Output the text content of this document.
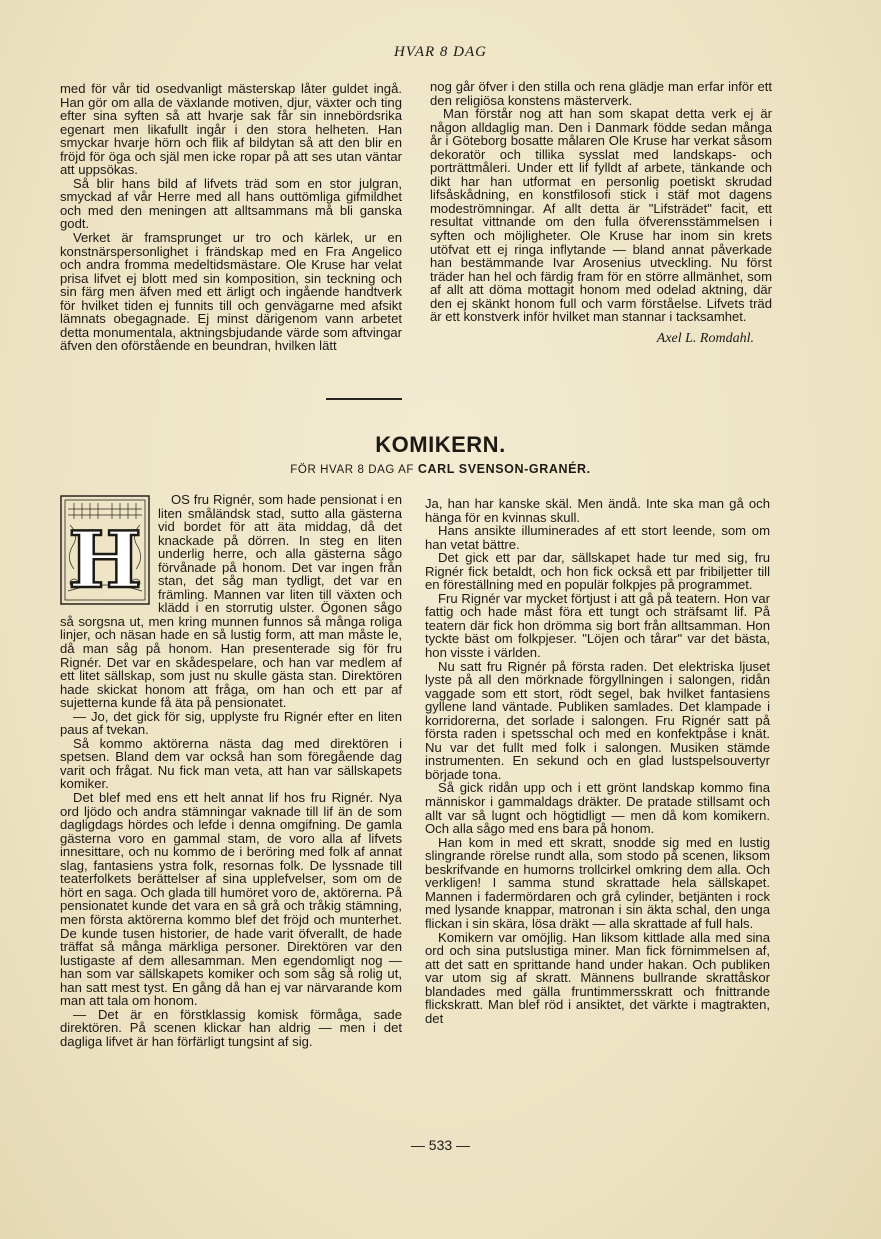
HVAR 8 DAG

med för vår tid osedvanligt mästerskap låter guldet ingå. Han gör om alla de växlande motiven, djur, växter och ting efter sina syften så att hvarje sak får sin innebördsrika egenart men likafullt ingår i den stora helheten. Han smyckar hvarje hörn och flik af bildytan så att den blir en fröjd för öga och själ men icke ropar på att ses utan väntar att uppsökas.

Så blir hans bild af lifvets träd som en stor julgran, smyckad af vår Herre med all hans outtömliga gifmildhet och med den meningen att alltsammans må bli ganska godt.

Verket är framsprunget ur tro och kärlek, ur en konstnärspersonlighet i frändskap med en Fra Angelico och andra fromma medeltidsmästare. Ole Kruse har velat prisa lifvet ej blott med sin komposition, sin teckning och sin färg men äfven med ett ärligt och ingående handtverk för hvilket tiden ej funnits till och genvägarne med afsikt lämnats obegagnade. Ej minst därigenom vann arbetet detta monumentala, aktningsbjudande värde som aftvingar äfven den oförstående en beundran, hvilken lätt

nog går öfver i den stilla och rena glädje man erfar inför ett den religiösa konstens mästerverk.

Man förstår nog att han som skapat detta verk ej är någon alldaglig man. Den i Danmark födde sedan många år i Göteborg bosatte målaren Ole Kruse har verkat såsom dekoratör och tillika sysslat med landskaps- och porträttmåleri. Under ett lif fylldt af arbete, tänkande och dikt har han utformat en personlig poetiskt skrudad lifsåskådning, en konstfilosofi stick i stäf mot dagens modeströmningar. Af allt detta är "Lifsträdet" facit, ett resultat vittnande om den fulla öfverensstämmelsen i syften och möjligheter. Ole Kruse har inom sin krets utöfvat ett ej ringa inflytande — bland annat påverkade han bestämmande Ivar Arosenius utveckling. Nu först träder han hel och färdig fram för en större allmänhet, som af allt att döma mottagit honom med odelad aktning, där den ej skänkt honom full och varm förståelse. Lifvets träd är ett konstverk inför hvilket man stannar i tacksamhet.

Axel L. Romdahl.
KOMIKERN.
FÖR HVAR 8 DAG AF CARL SVENSON-GRANÉR.

H
OS fru Rignér, som hade pensionat i en liten småländsk stad, sutto alla gästerna vid bordet för att äta middag, då det knackade på dörren. In steg en liten underlig herre, och alla gästerna sågo förvånade på honom. Det var ingen från stan, det såg man tydligt, det var en främling. Mannen var liten till växten och klädd i en storrutig ulster. Ögonen sågo så sorgsna ut, men kring munnen funnos så många roliga linjer, och näsan hade en så lustig form, att man måste le, då man såg på honom. Han presenterade sig för fru Rignér. Det var en skådespelare, och han var medlem af ett litet sällskap, som just nu skulle gästa stan. Direktören hade skickat honom att fråga, om han och ett par af sujetterna kunde få äta på pensionatet.

— Jo, det gick för sig, upplyste fru Rignér efter en liten paus af tvekan.

Så kommo aktörerna nästa dag med direktören i spetsen. Bland dem var också han som föregående dag varit och frågat. Nu fick man veta, att han var sällskapets komiker.

Det blef med ens ett helt annat lif hos fru Rignér. Nya ord ljödo och andra stämningar vaknade till lif än de som dagligdags hördes och lefde i denna omgifning. De gamla gästerna voro en gammal stam, de voro alla af lifvets innesittare, och nu kommo de i beröring med folk af annat slag, fantasiens ystra folk, resornas folk. De lyssnade till teaterfolkets berättelser af sina upplefvelser, som om de hört en saga. Och glada till humöret voro de, aktörerna. På pensionatet kunde det vara en så grå och tråkig stämning, men första aktörerna kommo blef det fröjd och munterhet. De kunde tusen historier, de hade varit öfverallt, de hade träffat så många märkliga personer. Direktören var den lustigaste af dem allesamman. Men egendomligt nog — han som var sällskapets komiker och som såg så rolig ut, han satt mest tyst. En gång då han ej var närvarande kom man att tala om honom.

— Det är en förstklassig komisk förmåga, sade direktören. På scenen klickar han aldrig — men i det dagliga lifvet är han förfärligt tungsint af sig.

Ja, han har kanske skäl. Men ändå. Inte ska man gå och hänga för en kvinnas skull.

Hans ansikte illuminerades af ett stort leende, som om han vetat bättre.

Det gick ett par dar, sällskapet hade tur med sig, fru Rignér fick betaldt, och hon fick också ett par fribiljetter till en föreställning med en populär folkpjes på programmet.

Fru Rignér var mycket förtjust i att gå på teatern. Hon var fattig och hade måst föra ett tungt och sträfsamt lif. På teatern där fick hon drömma sig bort från alltsamman. Hon tyckte bäst om folkpjeser. "Löjen och tårar" var det bästa, hon visste i världen.

Nu satt fru Rignér på första raden. Det elektriska ljuset lyste på all den mörknade förgyllningen i salongen, ridån vaggade som ett stort, rödt segel, bak hvilket fantasiens gyllene land väntade. Publiken samlades. Det klampade i korridorerna, det sorlade i salongen. Fru Rignér satt på första raden i spetsschal och med en konfektpåse i knät. Nu var det fullt med folk i salongen. Musiken stämde instrumenten. En sekund och en glad lustspelsouvertyr började tona.

Så gick ridån upp och i ett grönt landskap kommo fina människor i gammaldags dräkter. De pratade stillsamt och allt var så lugnt och högtidligt — men då kom komikern. Och alla sågo med ens bara på honom.

Han kom in med ett skratt, snodde sig med en lustig slingrande rörelse rundt alla, som stodo på scenen, liksom beskrifvande en humorns trollcirkel omkring dem alla. Och verkligen! I samma stund skrattade hela sällskapet. Mannen i fadermördaren och grå cylinder, betjänten i rock med lysande knappar, matronan i sin äkta schal, den unga flickan i sin skära, lösa dräkt — alla skrattade af full hals.

Komikern var omöjlig. Han liksom kittlade alla med sina ord och sina putslustiga miner. Man fick förnimmelsen af, att det satt en sprittande hand under hakan. Och publiken var utom sig af skratt. Männens bullrande skrattåskor blandades med gälla fruntimmersskratt och fnittrande flickskratt. Man blef röd i ansiktet, det värkte i magtrakten, det

— 533 —
